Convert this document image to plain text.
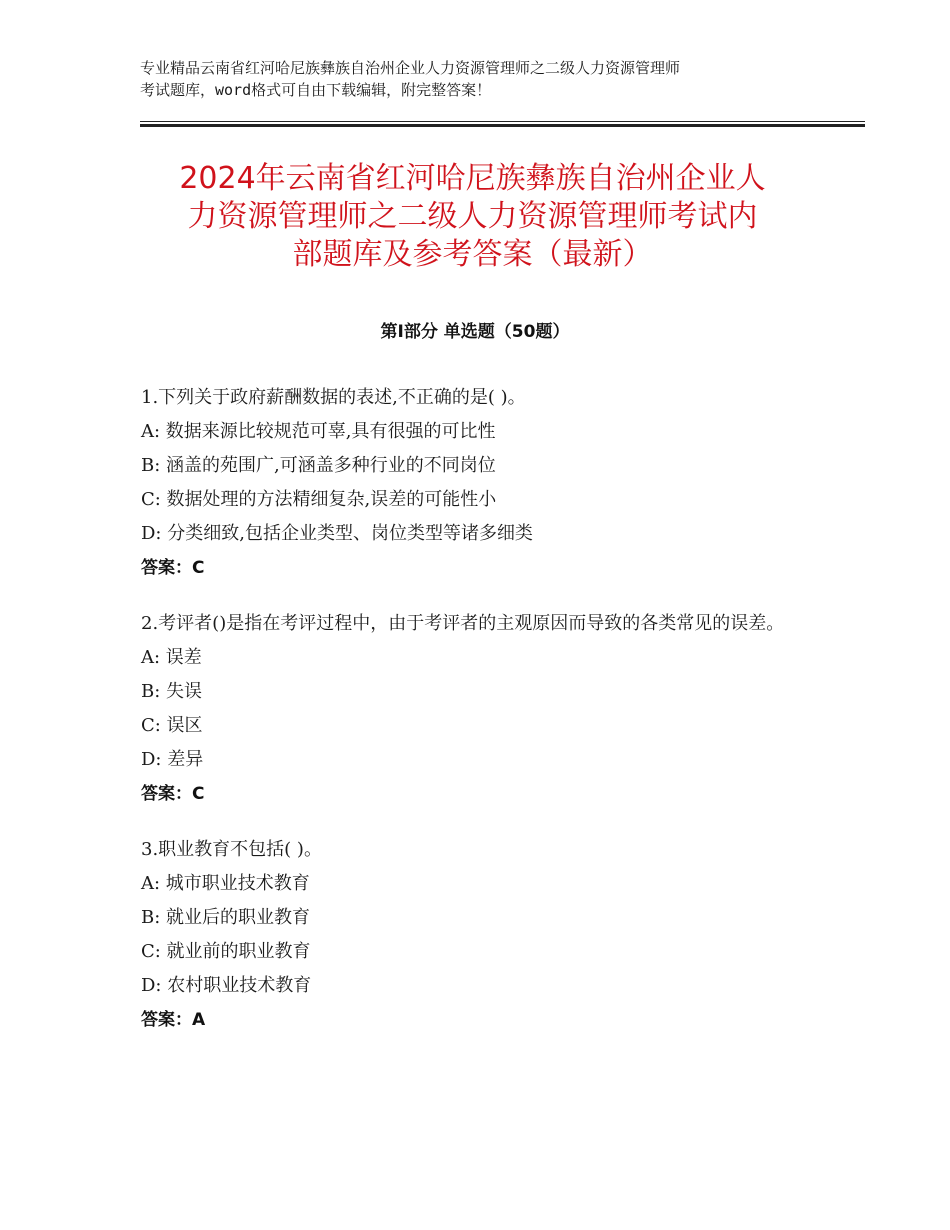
专业精品云南省红河哈尼族彝族自治州企业人力资源管理师之二级人力资源管理师
考试题库，word格式可自由下载编辑，附完整答案！
2024年云南省红河哈尼族彝族自治州企业人
力资源管理师之二级人力资源管理师考试内
部题库及参考答案（最新）
第Ⅰ部分 单选题（50题）
1.下列关于政府薪酬数据的表述,不正确的是( )。
A: 数据来源比较规范可辜,具有很强的可比性
B: 涵盖的苑围广,可涵盖多种行业的不同岗位
C: 数据处理的方法精细复杂,误差的可能性小
D: 分类细致,包括企业类型、岗位类型等诸多细类
答案：C
2.考评者()是指在考评过程中，由于考评者的主观原因而导致的各类常见的误差。
A: 误差
B: 失误
C: 误区
D: 差异
答案：C
3.职业教育不包括( )。
A: 城市职业技术教育
B: 就业后的职业教育
C: 就业前的职业教育
D: 农村职业技术教育
答案：A
